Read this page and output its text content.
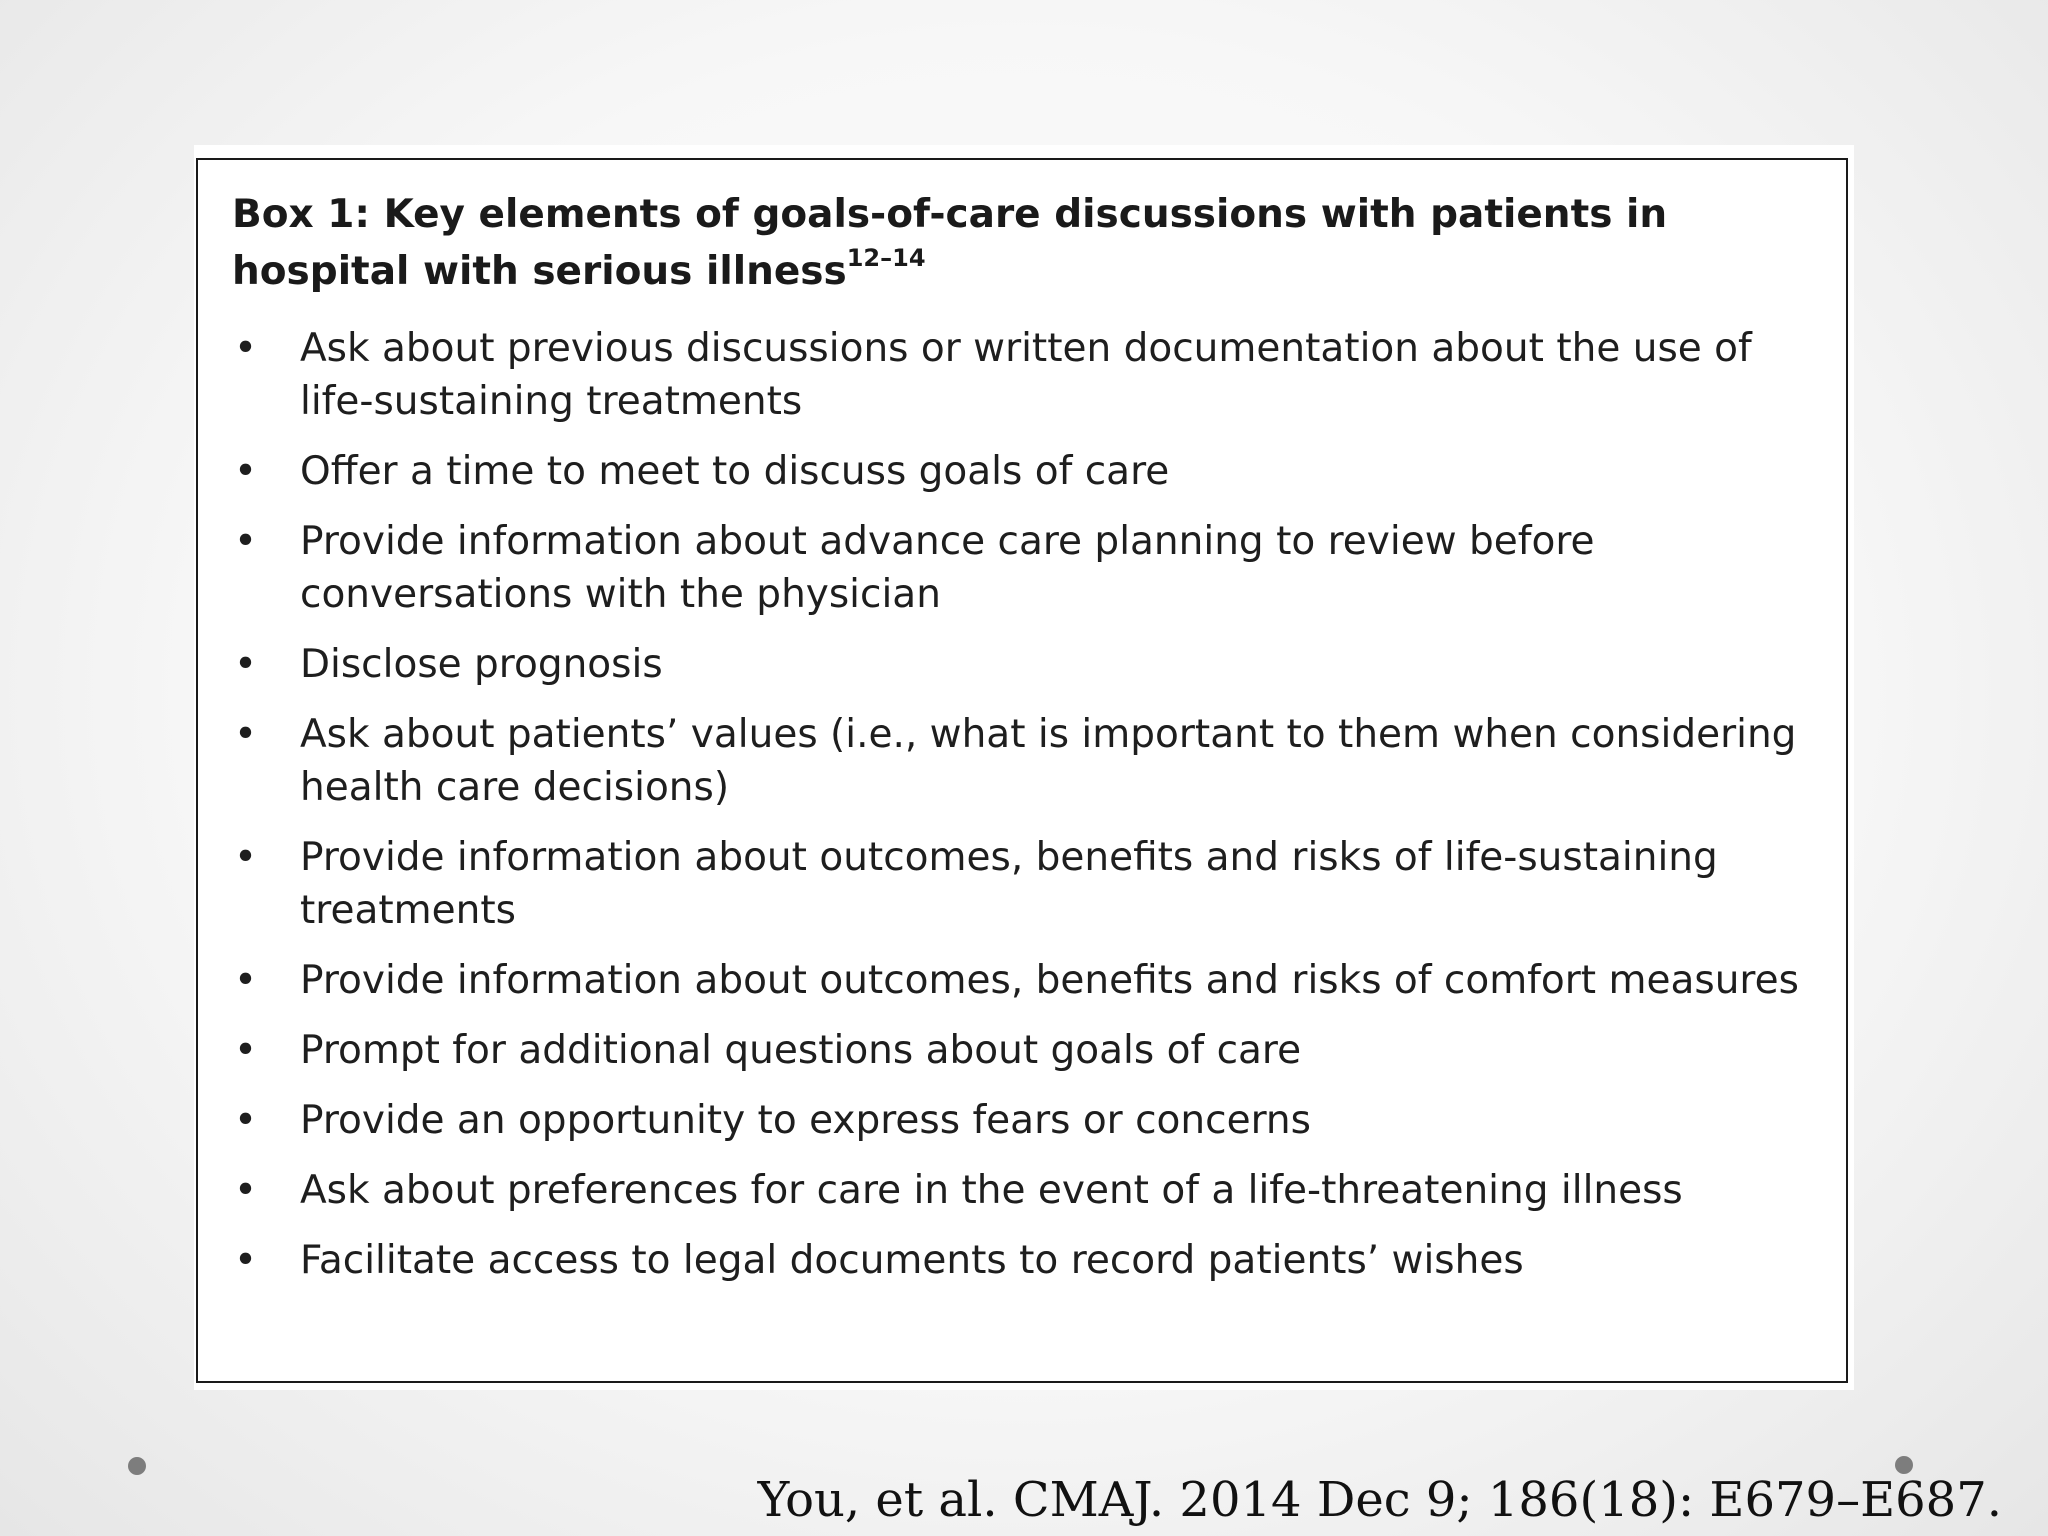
Box 1: Key elements of goals-of-care discussions with patients in hospital with serious illness$^{12-14}$
• Ask about previous discussions or written documentation about the use of life-sustaining treatments
• Offer a time to meet to discuss goals of care
• Provide information about advance care planning to review before conversations with the physician
• Disclose prognosis
• Ask about patients’ values (i.e., what is important to them when considering health care decisions)
• Provide information about outcomes, benefits and risks of life-sustaining treatments
• Provide information about outcomes, benefits and risks of comfort measures
• Prompt for additional questions about goals of care
• Provide an opportunity to express fears or concerns
• Ask about preferences for care in the event of a life-threatening illness
• Facilitate access to legal documents to record patients’ wishes
You, et al. CMAJ. 2014 Dec 9; 186(18): E679–E687.
